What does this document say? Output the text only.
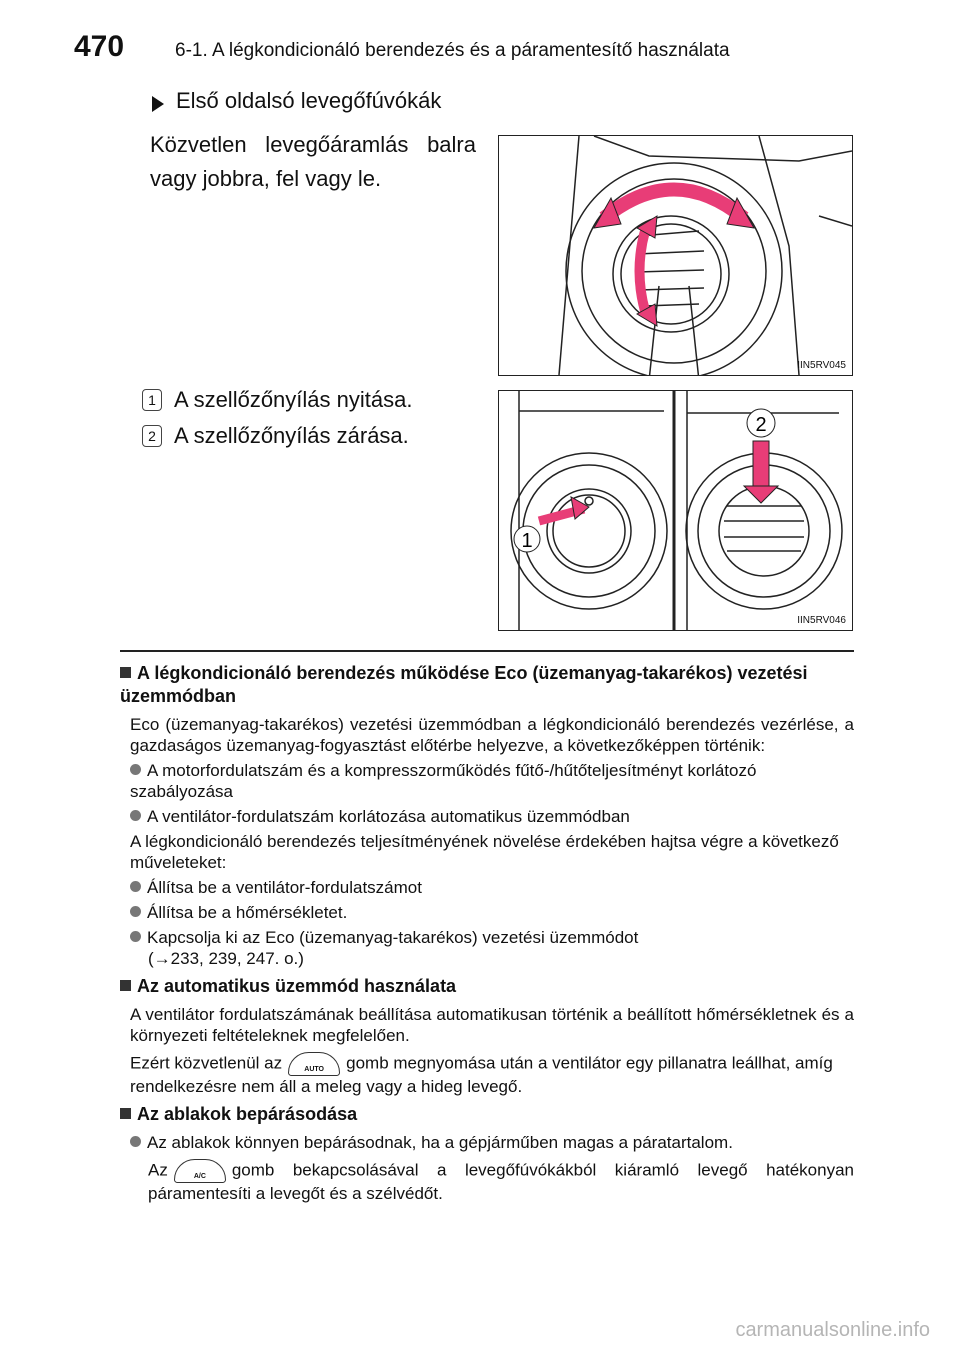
470	6-1. A légkondicionáló berendezés és a páramentesítő használata
Első oldalsó levegőfúvókák
Közvetlen levegőáramlás balra vagy jobbra, fel vagy le.
IIN5RV045
1 A szellőzőnyílás nyitása.
2 A szellőzőnyílás zárása.
1
2
IIN5RV046
A légkondicionáló berendezés működése Eco (üzemanyag-takarékos) vezetési üzemmódban
Eco (üzemanyag-takarékos) vezetési üzemmódban a légkondicionáló berendezés vezérlése, a gazdaságos üzemanyag-fogyasztást előtérbe helyezve, a következőképpen történik:
A motorfordulatszám és a kompresszorműködés fűtő-/hűtőteljesítményt korlátozó szabályozása
A ventilátor-fordulatszám korlátozása automatikus üzemmódban
A légkondicionáló berendezés teljesítményének növelése érdekében hajtsa végre a következő műveleteket:
Állítsa be a ventilátor-fordulatszámot
Állítsa be a hőmérsékletet.
Kapcsolja ki az Eco (üzemanyag-takarékos) vezetési üzemmódot
(→233, 239, 247. o.)
Az automatikus üzemmód használata
A ventilátor fordulatszámának beállítása automatikusan történik a beállított hőmérsékletnek és a környezeti feltételeknek megfelelően.
Ezért közvetlenül az	AUTO	gomb megnyomása után a ventilátor egy pillanatra leállhat, amíg rendelkezésre nem áll a meleg vagy a hideg levegő.
Az ablakok bepárásodása
Az ablakok könnyen bepárásodnak, ha a gépjárműben magas a páratartalom.
Az	A/C	gomb bekapcsolásával a levegőfúvókákból kiáramló levegő hatékonyan páramentesíti a levegőt és a szélvédőt.
carmanualsonline.info
